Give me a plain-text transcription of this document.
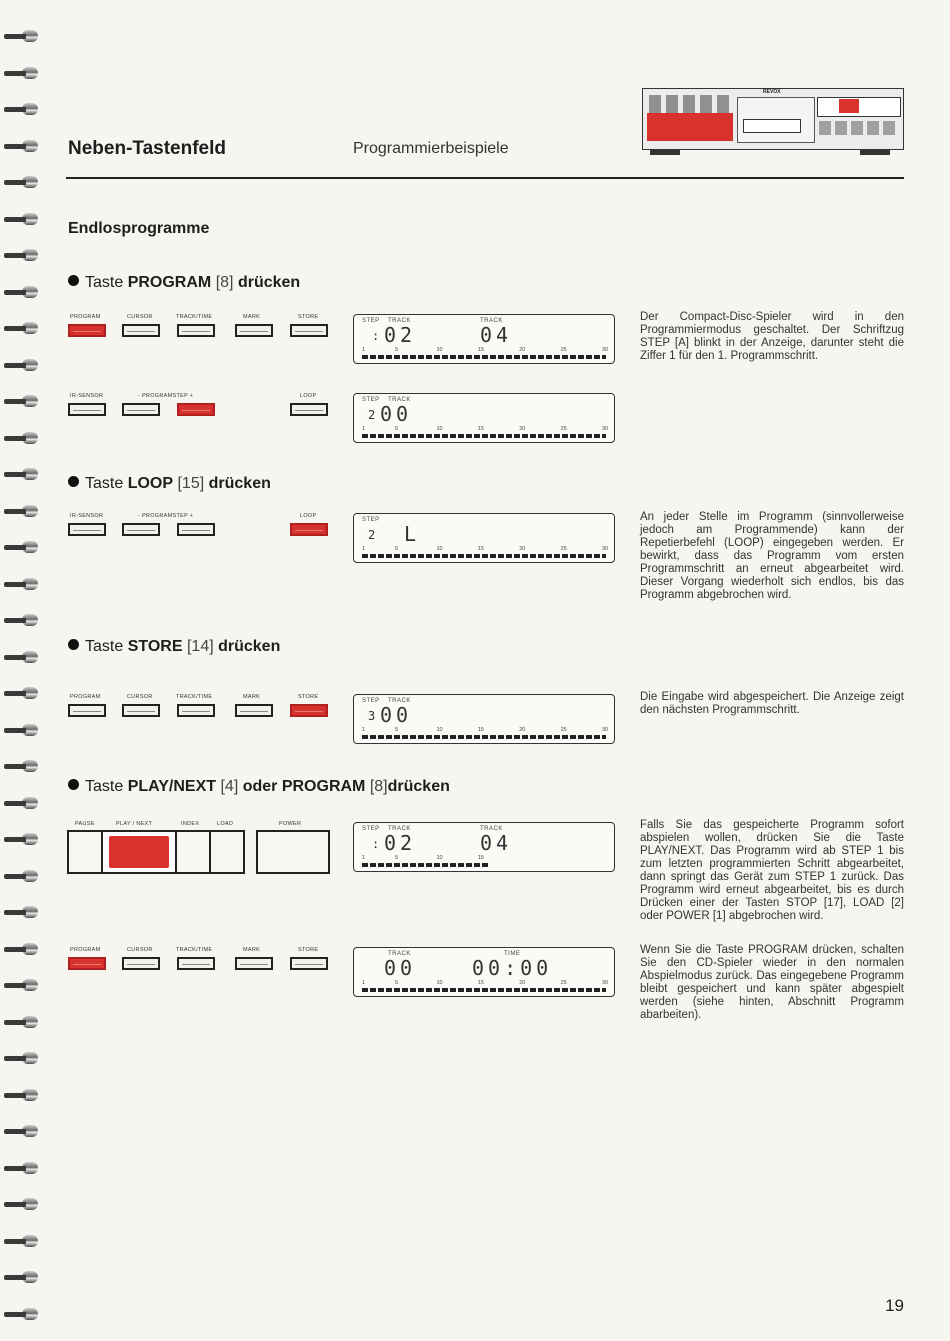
REVOX
Neben-Tastenfeld	Programmierbeispiele
Endlosprogramme
Taste PROGRAM [8] drücken
PROGRAM	CURSOR	TRACK/TIME	MARK	STORE
STEP TRACK	TRACK
: 02	04
1	5	10	15	20	25	30
Der Compact-Disc-Spieler wird in den Programmiermodus geschaltet. Der Schriftzug STEP [A] blinkt in der Anzeige, darunter steht die Ziffer 1 für den 1. Programmschritt.
IR-SENSOR	- PROGRAMSTEP +	LOOP
STEP TRACK
2 00
1	5	10	15	20	25	30
Taste LOOP [15] drücken
IR-SENSOR	- PROGRAMSTEP +	LOOP
STEP
2 L
1	5	10	15	20	25	30
An jeder Stelle im Programm (sinnvollerweise jedoch am Programmende) kann der Repetierbefehl (LOOP) eingegeben werden. Er bewirkt, dass das Programm vom ersten Programmschritt an erneut abgearbeitet wird. Dieser Vorgang wiederholt sich endlos, bis das Programm abgebrochen wird.
Taste STORE [14] drücken
PROGRAM	CURSOR	TRACK/TIME	MARK	STORE
STEP TRACK
3 00
1	5	10	15	20	25	30
Die Eingabe wird abgespeichert. Die Anzeige zeigt den nächsten Programmschritt.
Taste PLAY/NEXT [4] oder PROGRAM [8]drücken
PAUSE	PLAY / NEXT	INDEX	LOAD	POWER
STEP TRACK	TRACK
: 02	04
1	5	10	15
Falls Sie das gespeicherte Programm sofort abspielen wollen, drücken Sie die Taste PLAY/NEXT. Das Programm wird ab STEP 1 bis zum letzten programmierten Schritt abgearbeitet, dann springt das Gerät zum STEP 1 zurück. Das Programm wird erneut abgearbeitet, bis es durch Drücken einer der Tasten STOP [17], LOAD [2] oder POWER [1] abgebrochen wird.
PROGRAM	CURSOR	TRACK/TIME	MARK	STORE
TRACK	TIME
00	00:00
1	5	10	15	20	25	30
Wenn Sie die Taste PROGRAM drücken, schalten Sie den CD-Spieler wieder in den normalen Abspielmodus zurück. Das eingegebene Programm bleibt gespeichert und kann später abgespielt werden (siehe hinten, Abschnitt Programm abarbeiten).
19
